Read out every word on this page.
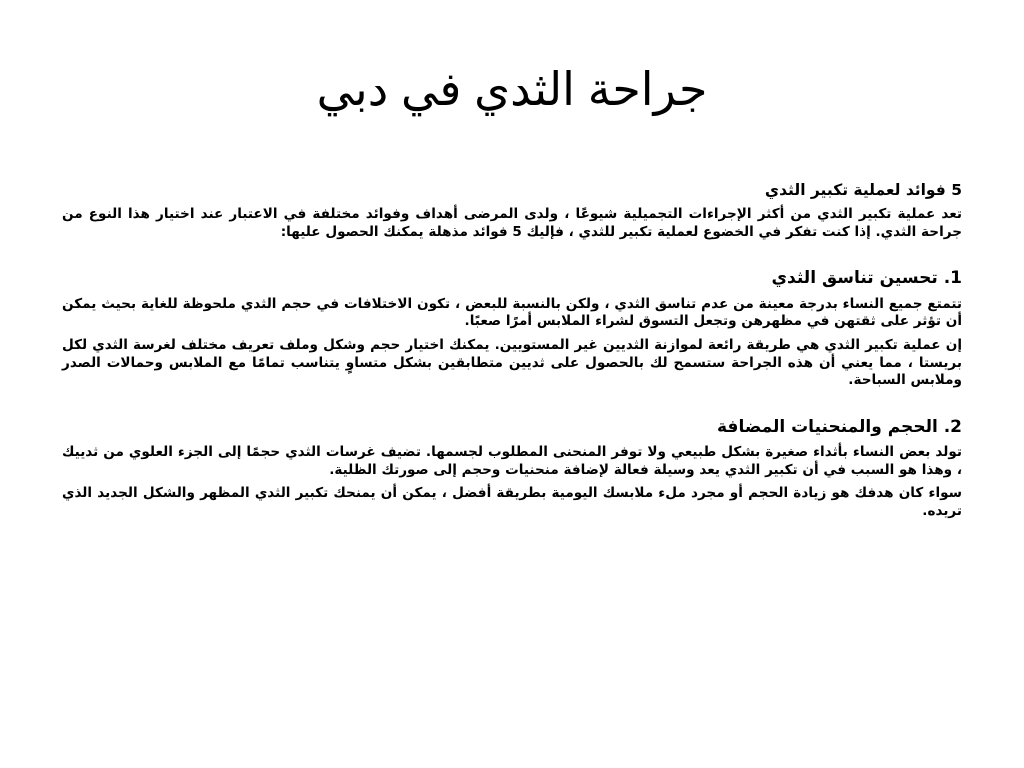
جراحة الثدي في دبي

5 فوائد لعملية تكبير الثدي

تعد عملية تكبير الثدي من أكثر الإجراءات التجميلية شيوعًا ، ولدى المرضى أهداف وفوائد مختلفة في الاعتبار عند اختيار هذا النوع من جراحة الثدي. إذا كنت تفكر في الخضوع لعملية تكبير للثدي ، فإليك 5 فوائد مذهلة يمكنك الحصول عليها:

1. تحسين تناسق الثدي

تتمتع جميع النساء بدرجة معينة من عدم تناسق الثدي ، ولكن بالنسبة للبعض ، تكون الاختلافات في حجم الثدي ملحوظة للغاية بحيث يمكن أن تؤثر على ثقتهن في مظهرهن وتجعل التسوق لشراء الملابس أمرًا صعبًا.

إن عملية تكبير الثدي هي طريقة رائعة لموازنة الثديين غير المستويين. يمكنك اختيار حجم وشكل وملف تعريف مختلف لغرسة الثدي لكل بريستا ، مما يعني أن هذه الجراحة ستسمح لك بالحصول على ثديين متطابقين بشكل متساوٍ يتناسب تمامًا مع الملابس وحمالات الصدر وملابس السباحة.

2. الحجم والمنحنيات المضافة

تولد بعض النساء بأثداء صغيرة بشكل طبيعي ولا توفر المنحنى المطلوب لجسمها. تضيف غرسات الثدي حجمًا إلى الجزء العلوي من ثدييك ، وهذا هو السبب في أن تكبير الثدي يعد وسيلة فعالة لإضافة منحنيات وحجم إلى صورتك الظلية.

سواء كان هدفك هو زيادة الحجم أو مجرد ملء ملابسك اليومية بطريقة أفضل ، يمكن أن يمنحك تكبير الثدي المظهر والشكل الجديد الذي تريده.
